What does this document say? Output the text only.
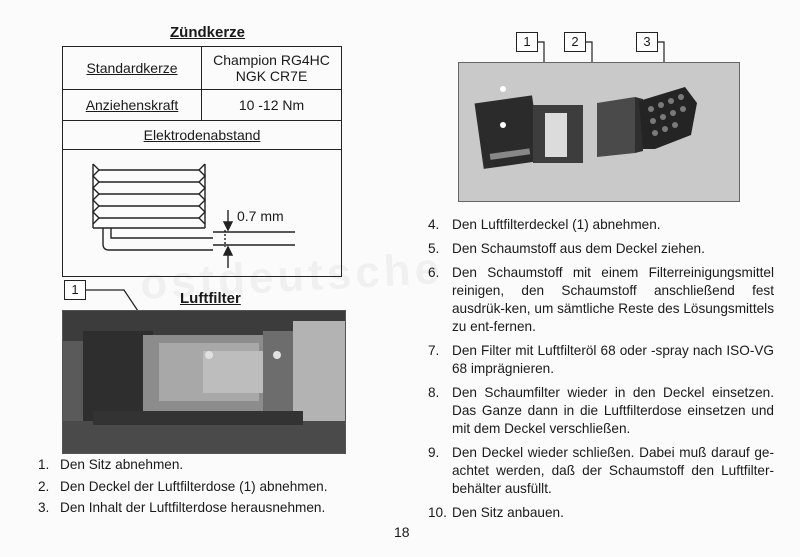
Zündkerze
Standardkerze	Champion RG4HC
NGK CR7E

Anziehenskraft	10 -12 Nm
Elektrodenabstand	

0.7 mm	
1
Luftfilter
1	2	3
1. Den Sitz abnehmen.
2. Den Deckel der Luftfilterdose (1) abnehmen.
3. Den Inhalt der Luftfilterdose herausnehmen.
4. Den Luftfilterdeckel (1) abnehmen.
5. Den Schaumstoff aus dem Deckel ziehen.
6. Den Schaumstoff mit einem Filterreinigungsmittel reinigen, den Schaumstoff anschließend fest ausdrük-ken, um sämtliche Reste des Lösungsmittels zu ent-fernen.
7. Den Filter mit Luftfilteröl 68 oder -spray nach ISO-VG 68 imprägnieren.
8. Den Schaumfilter wieder in den Deckel einsetzen. Das Ganze dann in die Luftfilterdose einsetzen und mit dem Deckel verschließen.
9. Den Deckel wieder schließen. Dabei muß darauf ge-achtet werden, daß der Schaumstoff den Luftfilter-behälter ausfüllt.
10. Den Sitz anbauen.
18
